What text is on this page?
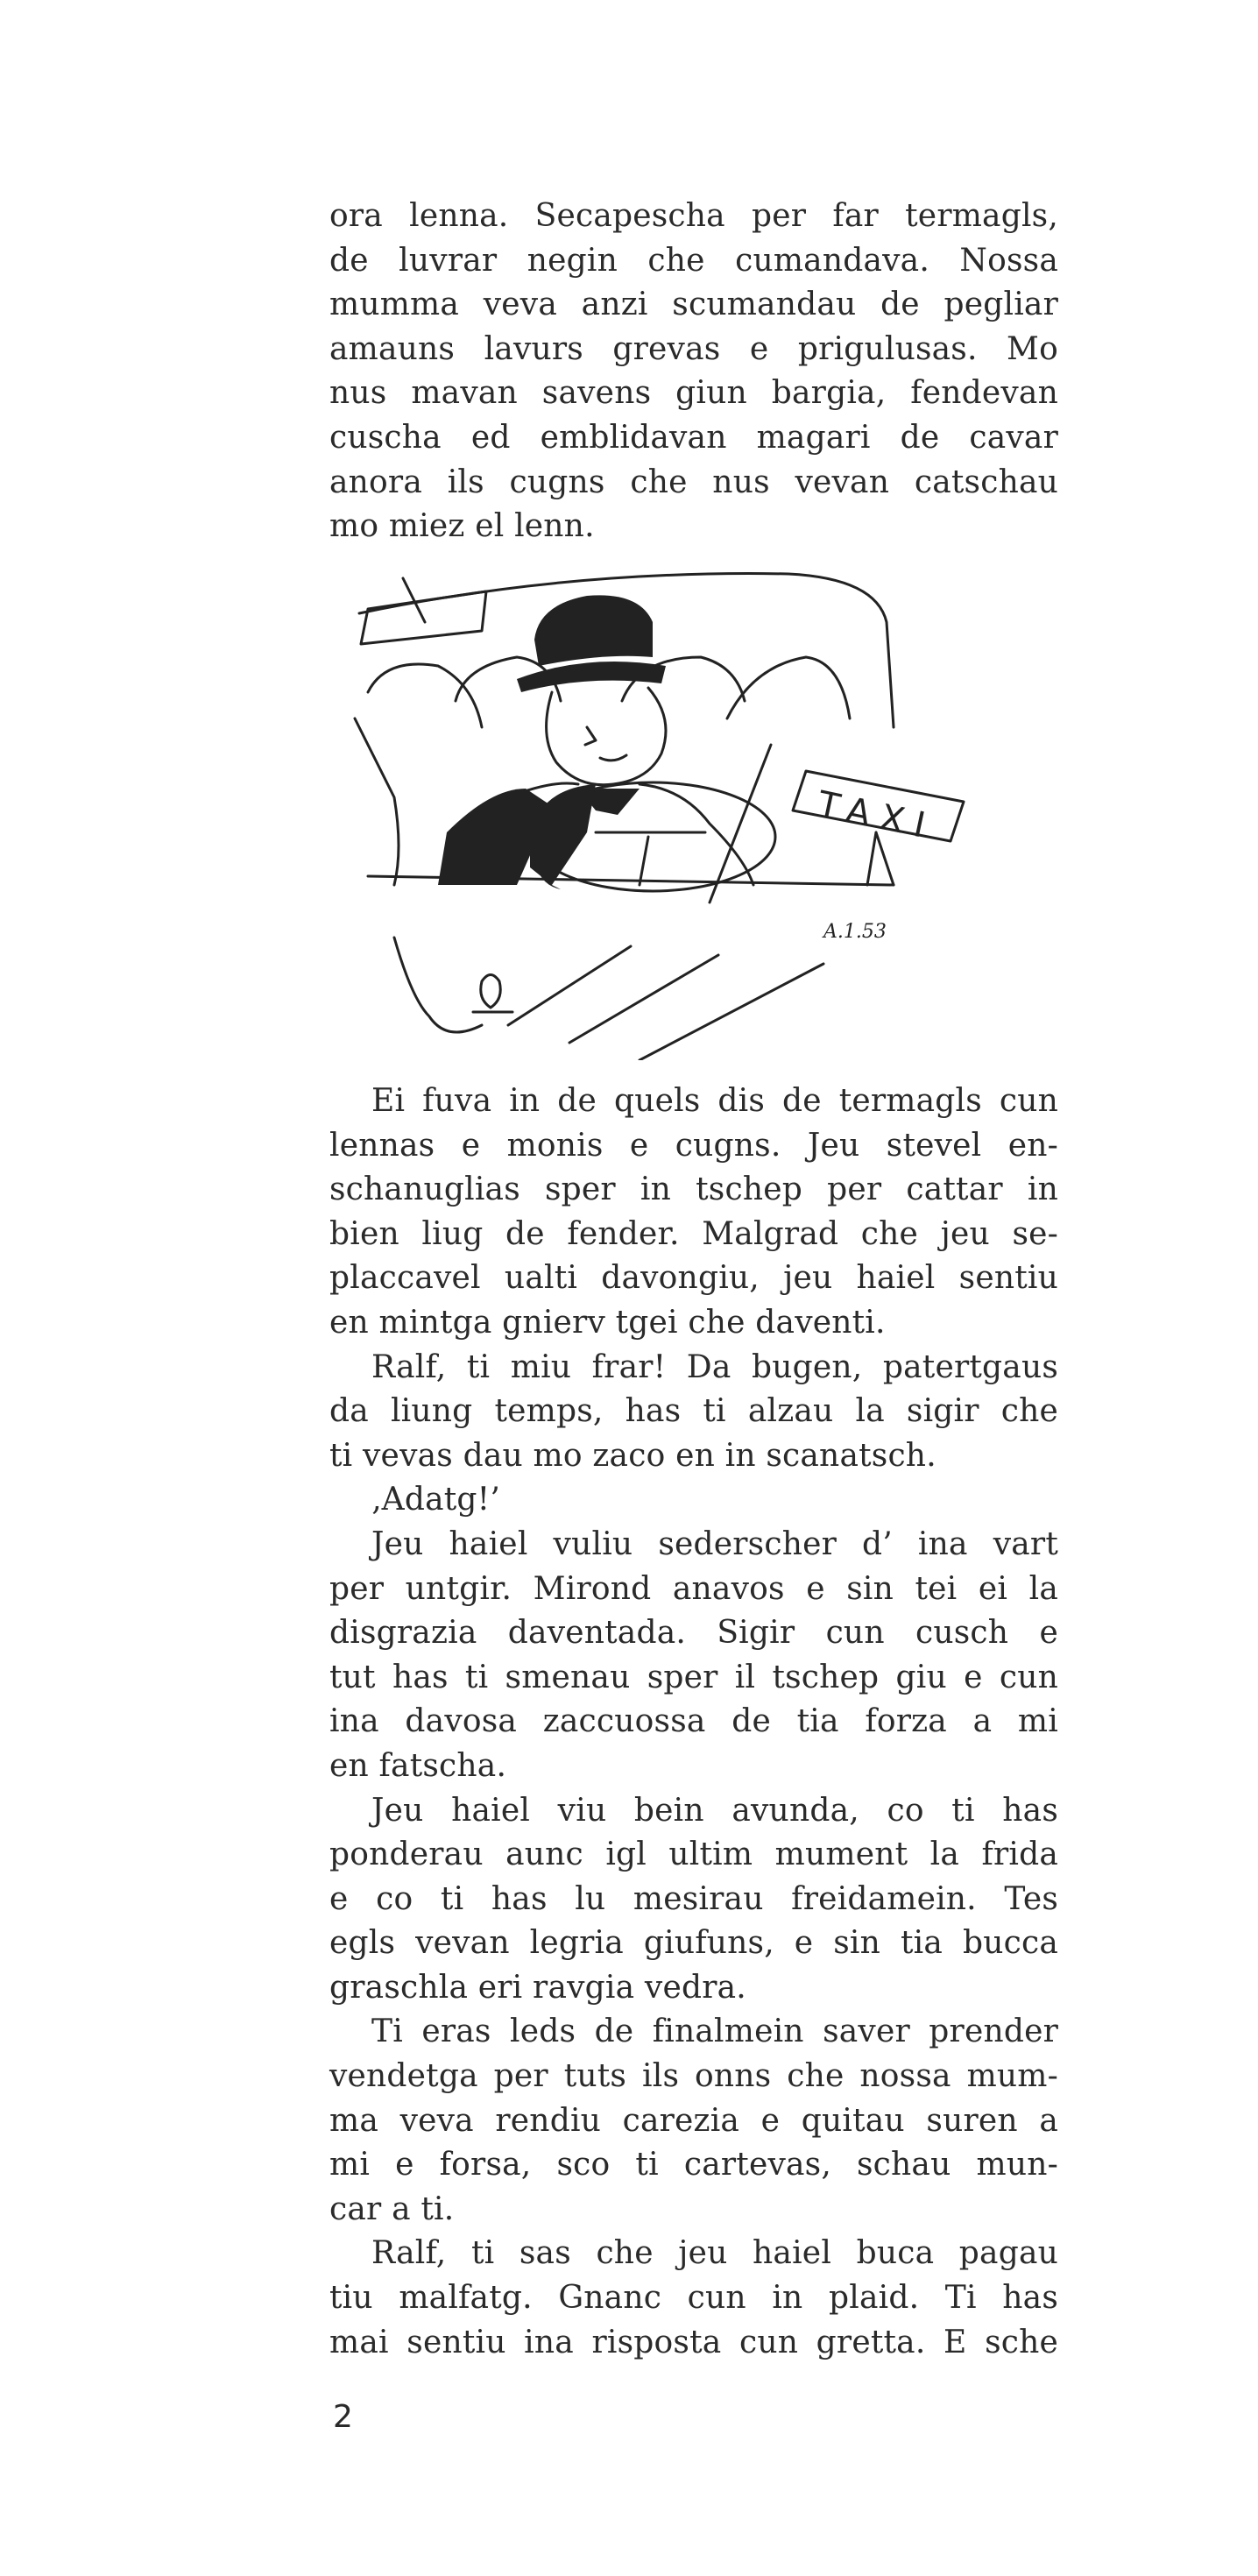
ora lenna. Secapescha per far termagls,
de luvrar negin che cumandava. Nossa
mumma veva anzi scumandau de pegliar
amauns lavurs grevas e prigulusas. Mo
nus mavan savens giun bargia, fendevan
cuscha ed emblidavan magari de cavar
anora ils cugns che nus vevan catschau
mo miez el lenn.
TAXI
A.1.53
Ei fuva in de quels dis de termagls cun
lennas e monis e cugns. Jeu stevel en-
schanuglias sper in tschep per cattar in
bien liug de fender. Malgrad che jeu se-
placcavel ualti davongiu, jeu haiel sentiu
en mintga gnierv tgei che daventi.
Ralf, ti miu frar! Da bugen, patertgaus
da liung temps, has ti alzau la sigir che
ti vevas dau mo zaco en in scanatsch.
‚Adatg!’
Jeu haiel vuliu sederscher d’ ina vart
per untgir. Mirond anavos e sin tei ei la
disgrazia daventada. Sigir cun cusch e
tut has ti smenau sper il tschep giu e cun
ina davosa zaccuossa de tia forza a mi
en fatscha.
Jeu haiel viu bein avunda, co ti has
ponderau aunc igl ultim mument la frida
e co ti has lu mesirau freidamein. Tes
egls vevan legria giufuns, e sin tia bucca
graschla eri ravgia vedra.
Ti eras leds de finalmein saver prender
vendetga per tuts ils onns che nossa mum-
ma veva rendiu carezia e quitau suren a
mi e forsa, sco ti cartevas, schau mun-
car a ti.
Ralf, ti sas che jeu haiel buca pagau
tiu malfatg. Gnanc cun in plaid. Ti has
mai sentiu ina risposta cun gretta. E sche
2
